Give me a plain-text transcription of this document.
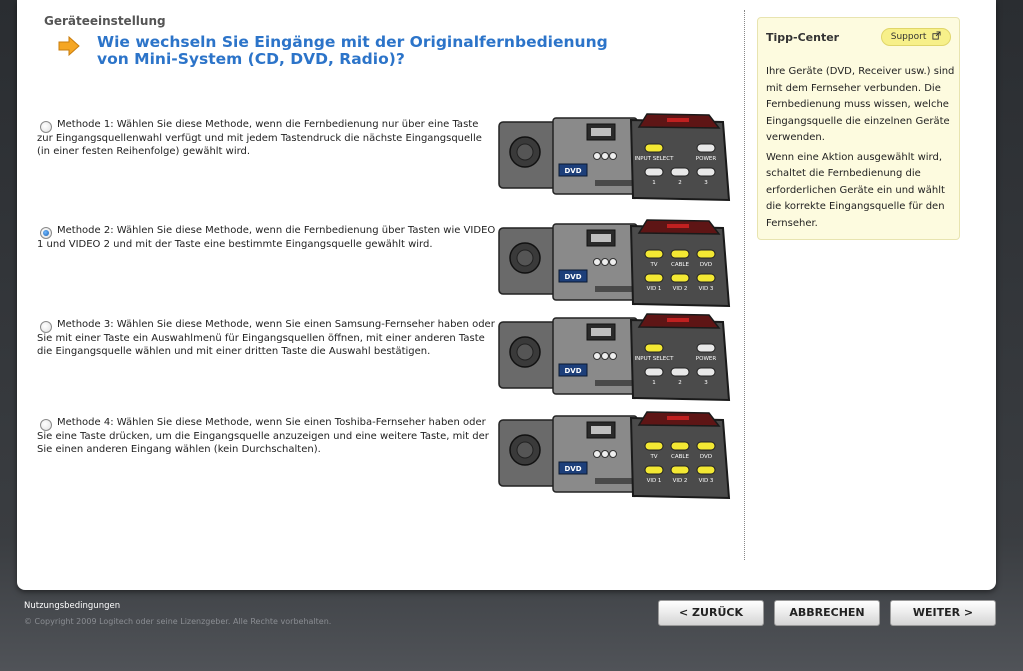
Geräteeinstellung
Wie wechseln Sie Eingänge mit der Originalfernbedienung von Mini-System (CD, DVD, Radio)?
Methode 1: Wählen Sie diese Methode, wenn die Fernbedienung nur über eine Taste zur Eingangsquellenwahl verfügt und mit jedem Tastendruck die nächste Eingangsquelle (in einer festen Reihenfolge) gewählt wird.
DVD
INPUT SELECT	POWER
1	2	3
Methode 2: Wählen Sie diese Methode, wenn die Fernbedienung über Tasten wie VIDEO 1 und VIDEO 2 und mit der Taste eine bestimmte Eingangsquelle gewählt wird.
DVD
TV CABLE DVD
VID 1 VID 2 VID 3
Methode 3: Wählen Sie diese Methode, wenn Sie einen Samsung-Fernseher haben oder Sie mit einer Taste ein Auswahlmenü für Eingangsquellen öffnen, mit einer anderen Taste die Eingangsquelle wählen und mit einer dritten Taste die Auswahl bestätigen.
DVD
INPUT SELECT	POWER
1	2	3
Methode 4: Wählen Sie diese Methode, wenn Sie einen Toshiba-Fernseher haben oder Sie eine Taste drücken, um die Eingangsquelle anzuzeigen und eine weitere Taste, mit der Sie einen anderen Eingang wählen (kein Durchschalten).
DVD
TV CABLE DVD
VID 1 VID 2 VID 3
Tipp-Center	Support

Ihre Geräte (DVD, Receiver usw.) sind mit dem Fernseher verbunden. Die Fernbedienung muss wissen, welche Eingangsquelle die einzelnen Geräte verwenden.

Wenn eine Aktion ausgewählt wird, schaltet die Fernbedienung die erforderlichen Geräte ein und wählt die korrekte Eingangsquelle für den Fernseher.

Nutzungsbedingungen
© Copyright 2009 Logitech oder seine Lizenzgeber. Alle Rechte vorbehalten.
< ZURÜCK	ABBRECHEN	WEITER >
